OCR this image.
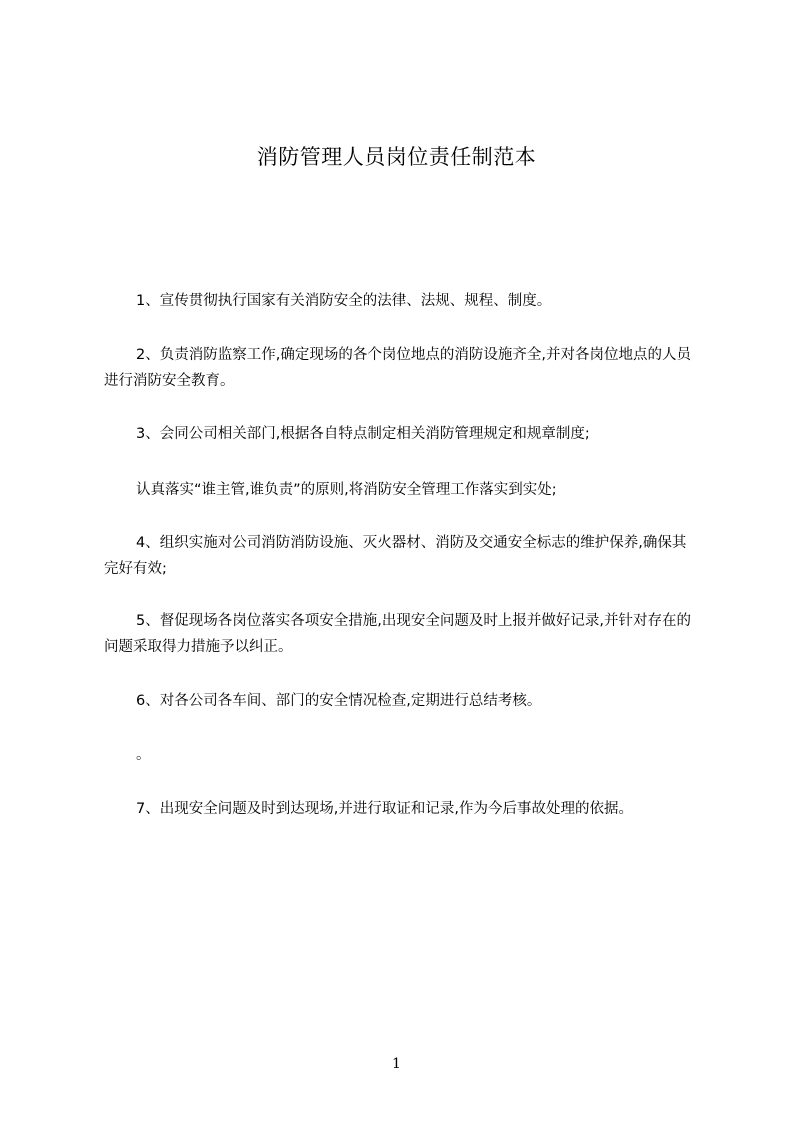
消防管理人员岗位责任制范本
1、宣传贯彻执行国家有关消防安全的法律、法规、规程、制度。
2、负责消防监察工作,确定现场的各个岗位地点的消防设施齐全,并对各岗位地点的人员进行消防安全教育。
3、会同公司相关部门,根据各自特点制定相关消防管理规定和规章制度;
认真落实“谁主管,谁负责”的原则,将消防安全管理工作落实到实处;
4、组织实施对公司消防消防设施、灭火器材、消防及交通安全标志的维护保养,确保其完好有效;
5、督促现场各岗位落实各项安全措施,出现安全问题及时上报并做好记录,并针对存在的问题采取得力措施予以纠正。
6、对各公司各车间、部门的安全情况检查,定期进行总结考核。
。
7、出现安全问题及时到达现场,并进行取证和记录,作为今后事故处理的依据。
1
